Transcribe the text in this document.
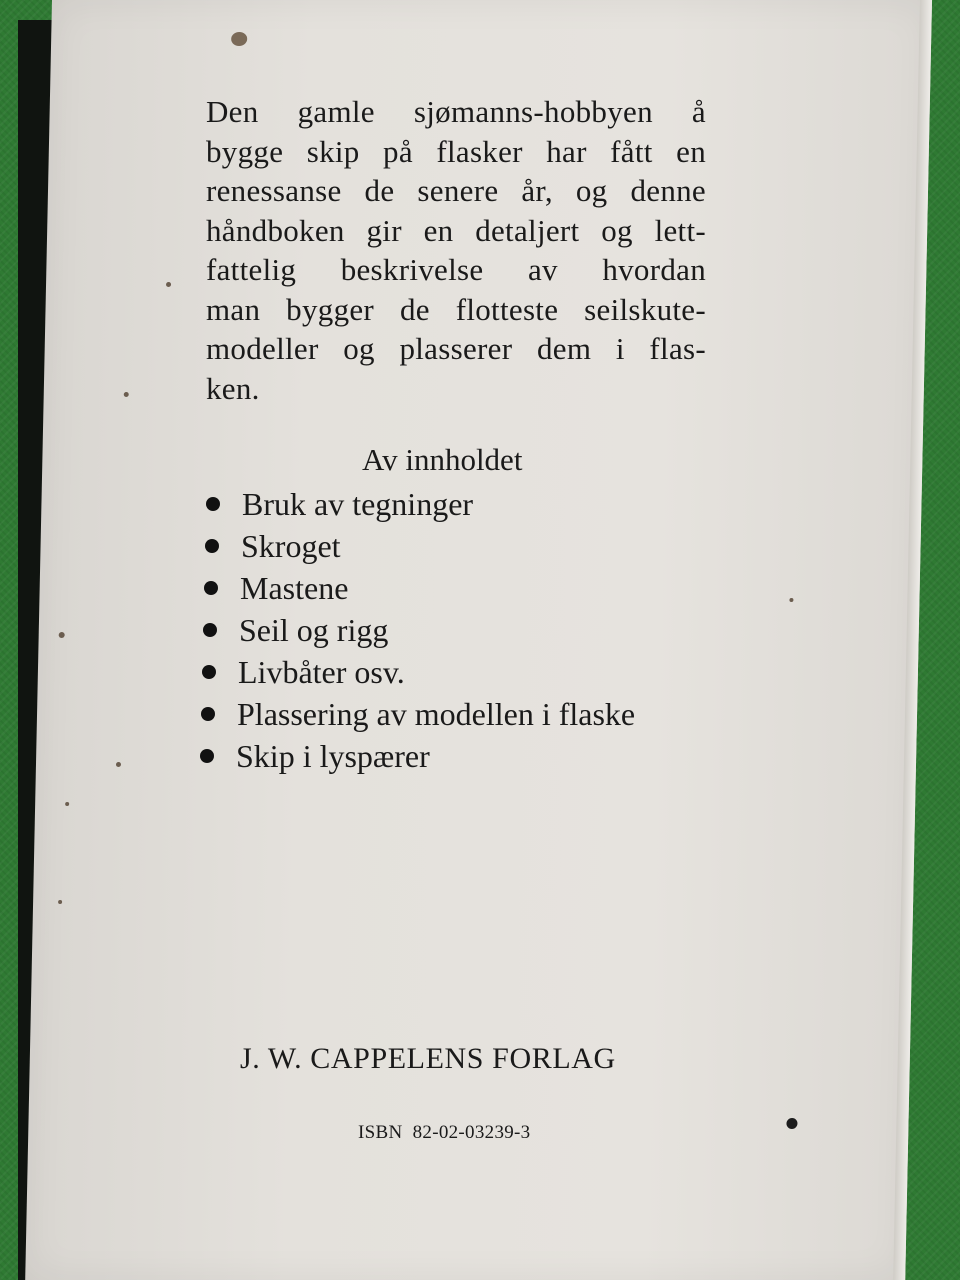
Den gamle sjømanns-hobbyen å
bygge skip på flasker har fått en
renessanse de senere år, og denne
håndboken gir en detaljert og lett-
fattelig beskrivelse av hvordan
man bygger de flotteste seilskute-
modeller og plasserer dem i flas-
ken.
Av innholdet
Bruk av tegninger
Skroget
Mastene
Seil og rigg
Livbåter osv.
Plassering av modellen i flaske
Skip i lyspærer
J. W. CAPPELENS FORLAG
ISBN  82-02-03239-3
